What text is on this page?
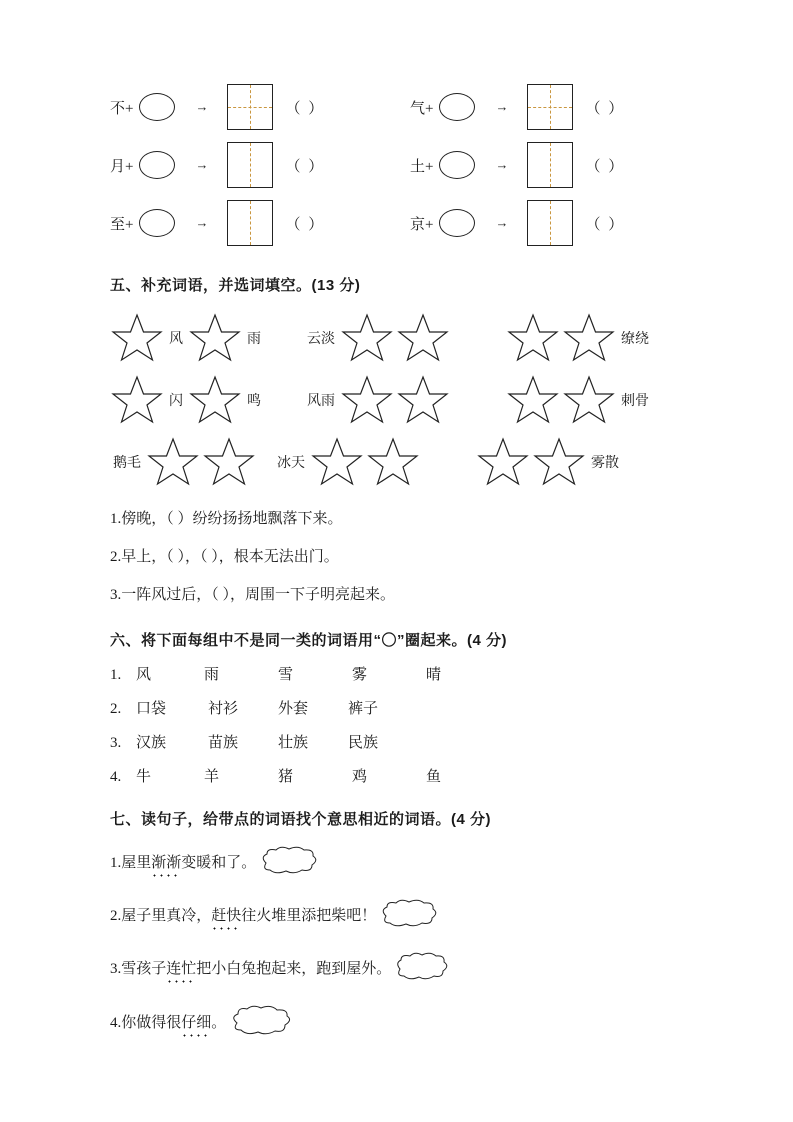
不+ → （ ）	气+ → （ ）

月+ → （ ）	土+ → （ ）

至+ → （ ）	京+ → （ ）
五、补充词语，并选词填空。(13 分)
风	雨	云淡	缭绕
闪	鸣	风雨	刺骨
鹅毛	冰天	雾散
1.傍晚，（ ）纷纷扬扬地飘落下来。
2.早上，（ ），（ ），根本无法出门。
3.一阵风过后，（ ），周围一下子明亮起来。
六、将下面每组中不是同一类的词语用“〇”圈起来。(4 分)
1. 风	雨	雪	雾	晴
2. 口袋	衬衫	外套	裤子
3. 汉族	苗族	壮族	民族
4. 牛	羊	猪	鸡	鱼
七、读句子，给带点的词语找个意思相近的词语。(4 分)
1. 屋里 渐渐 变暖和了。
2. 屋子里真冷， 赶快 往火堆里添把柴吧！
3. 雪孩子 连忙 把小白兔抱起来，跑到屋外。
4. 你做得很 仔细 。
